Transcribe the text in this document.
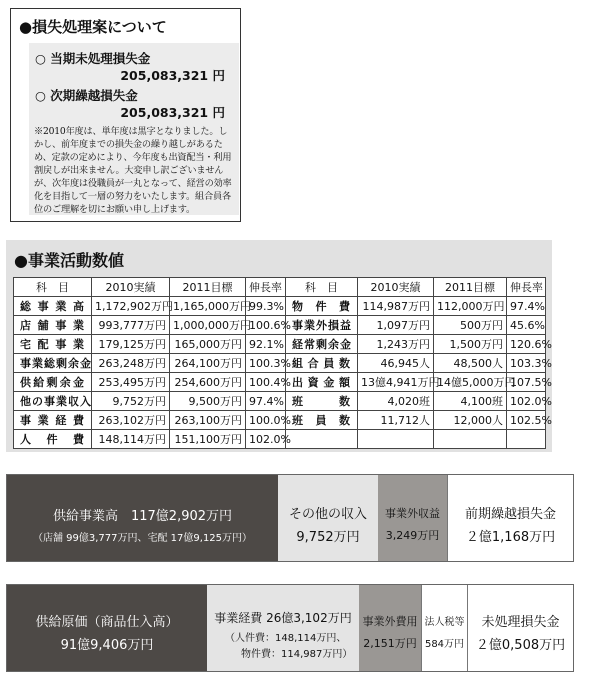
●損失処理案について
○ 当期未処理損失金
205,083,321 円
○ 次期繰越損失金
205,083,321 円
※2010年度は、単年度は黒字となりました。しかし、前年度までの損失金の繰り越しがあるため、定款の定めにより、今年度も出資配当・利用割戻しが出来ません。大変申し訳ございませんが、次年度は役職員が一丸となって、経営の効率化を目指して一層の努力をいたします。組合員各位のご理解を切にお願い申し上げます。
●事業活動数値
科　目	2010実績	2011目標	伸長率	科　目	2010実績	2011目標	伸長率
総事業高	1,172,902万円	1,165,000万円	99.3%	物件費	114,987万円	112,000万円	97.4%
店舗事業	993,777万円	1,000,000万円	100.6%	事業外損益	1,097万円	500万円	45.6%
宅配事業	179,125万円	165,000万円	92.1%	経常剰余金	1,243万円	1,500万円	120.6%
事業総剰余金	263,248万円	264,100万円	100.3%	組合員数	46,945人	48,500人	103.3%
供給剰余金	253,495万円	254,600万円	100.4%	出資金額	13億4,941万円	14億5,000万円	107.5%
他の事業収入	9,752万円	9,500万円	97.4%	班数	4,020班	4,100班	102.0%
事業経費	263,102万円	263,100万円	100.0%	班員数	11,712人	12,000人	102.5%
人件費	148,114万円	151,100万円	102.0%				
供給事業高　117億2,902万円
（店舗 99億3,777万円、宅配 17億9,125万円）
その他の収入
9,752万円
事業外収益
3,249万円
前期繰越損失金
２億1,168万円
供給原価（商品仕入高）
91億9,406万円
事業経費 26億3,102万円
（人件費：148,114万円、
物件費：114,987万円）
事業外費用
2,151万円
法人税等
584万円
未処理損失金
２億0,508万円
